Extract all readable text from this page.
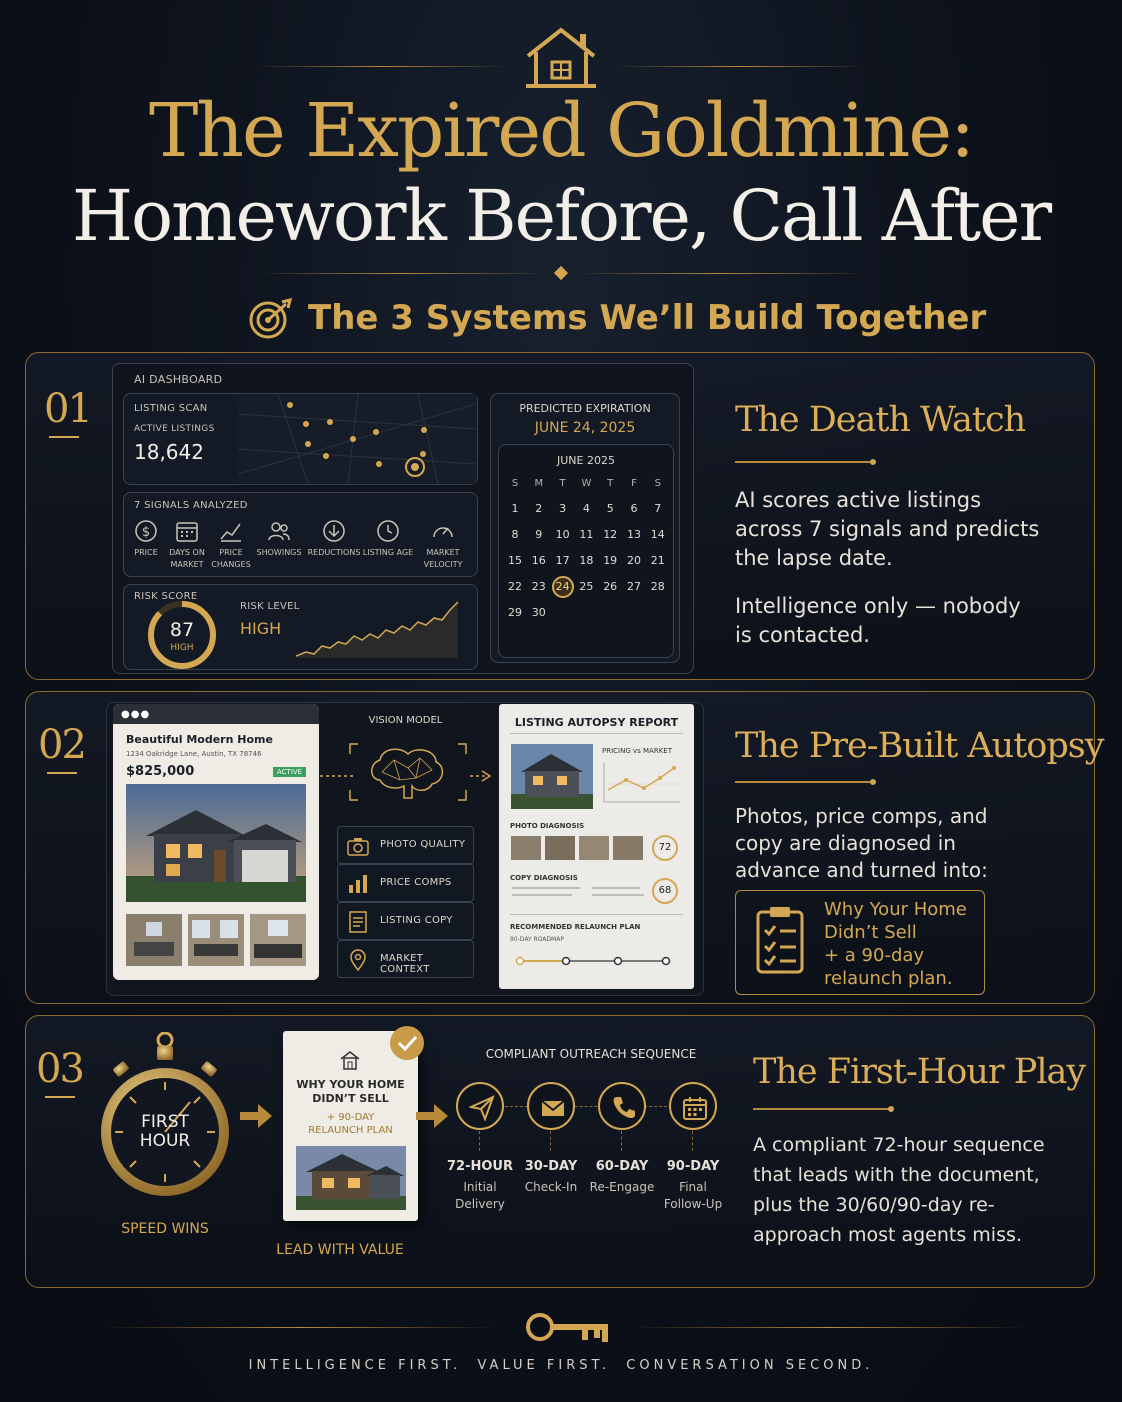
The Expired Goldmine:
Homework Before, Call After
The 3 Systems We’ll Build Together
01
AI DASHBOARD
LISTING SCAN
ACTIVE LISTINGS
18,642
7 SIGNALS ANALYZED
$
PRICE	DAYS ON MARKET
PRICE CHANGES
SHOWINGS REDUCTIONS LISTING AGE	MARKET VELOCITY
RISK SCORE
87
HIGH
RISK LEVEL
HIGH
PREDICTED EXPIRATION
JUNE 24, 2025
JUNE 2025
S	M	T	W	T	F	S
1	2	3	4	5	6	7
8	9	10 11 12 13 14
15 16 17 18 19 20 21
22 23 24 25 26 27 28
29 30
The Death Watch
AI scores active listings across 7 signals and predicts the lapse date.
Intelligence only — nobody is contacted.
02
●●●
Beautiful Modern Home
1234 Oakridge Lane, Austin, TX 78746
$825,000	ACTIVE
VISION MODEL
PHOTO QUALITY
PRICE COMPS
LISTING COPY
MARKET CONTEXT
LISTING AUTOPSY REPORT
PRICING vs MARKET
PHOTO DIAGNOSIS
72
COPY DIAGNOSIS
68
RECOMMENDED RELAUNCH PLAN
90-DAY ROADMAP
The Pre-Built Autopsy
Photos, price comps, and copy are diagnosed in advance and turned into:
Why Your Home
Didn’t Sell
+ a 90-day
relaunch plan.
03
FIRST
HOUR
SPEED WINS
WHY YOUR HOME
DIDN’T SELL
+ 90-DAY
RELAUNCH PLAN
LEAD WITH VALUE
COMPLIANT OUTREACH SEQUENCE
72-HOUR
Initial Delivery
30-DAY
Check-In
60-DAY
Re-Engage
90-DAY
Final Follow-Up
The First-Hour Play
A compliant 72-hour sequence that leads with the document, plus the 30/60/90-day re-approach most agents miss.
INTELLIGENCE FIRST.  VALUE FIRST.  CONVERSATION SECOND.
